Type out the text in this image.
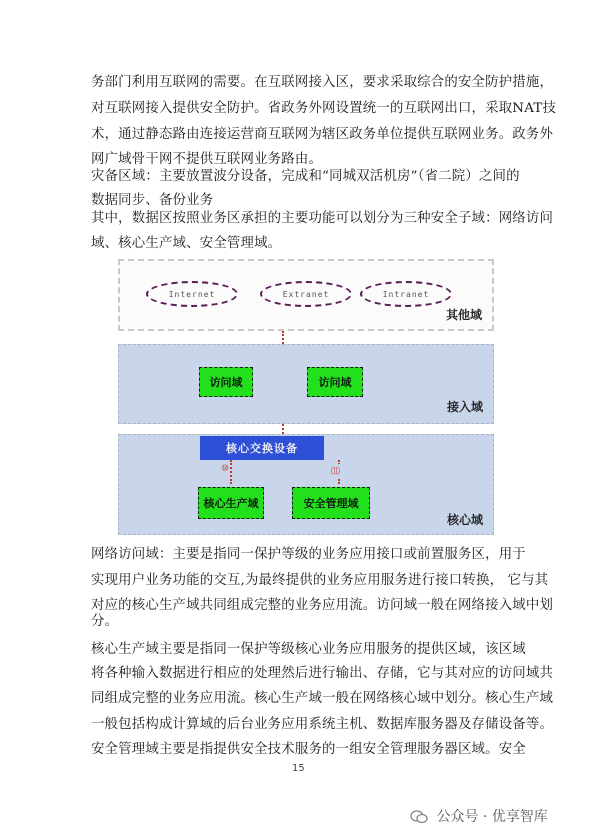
务部门利用互联网的需要。在互联网接入区，要求采取综合的安全防护措施，
对互联网接入提供安全防护。省政务外网设置统一的互联网出口，采取NAT技
术，通过静态路由连接运营商互联网为辖区政务单位提供互联网业务。政务外
网广域骨干网不提供互联网业务路由。
灾备区域：主要放置波分设备，完成和“同城双活机房”（省二院）之间的
数据同步、备份业务
其中，数据区按照业务区承担的主要功能可以划分为三种安全子域：网络访问
域、核心生产域、安全管理域。
Internet	Extranet	Intranet
其他域
访问域	访问域
接入域
核心域
核心交换设备
⑩	⑾
核心生产域	安全管理域
网络访问域：主要是指同一保护等级的业务应用接口或前置服务区，用于
实现用户业务功能的交互,为最终提供的业务应用服务进行接口转换， 它与其
对应的核心生产域共同组成完整的业务应用流。访问域一般在网络接入域中划
分。
核心生产域主要是指同一保护等级核心业务应用服务的提供区域，该区域
将各种输入数据进行相应的处理然后进行输出、存储，它与其对应的访问域共
同组成完整的业务应用流。核心生产域一般在网络核心域中划分。核心生产域
一般包括构成计算域的后台业务应用系统主机、数据库服务器及存储设备等。
安全管理域主要是指提供安全技术服务的一组安全管理服务器区域。安全
15
公众号 · 优享智库
